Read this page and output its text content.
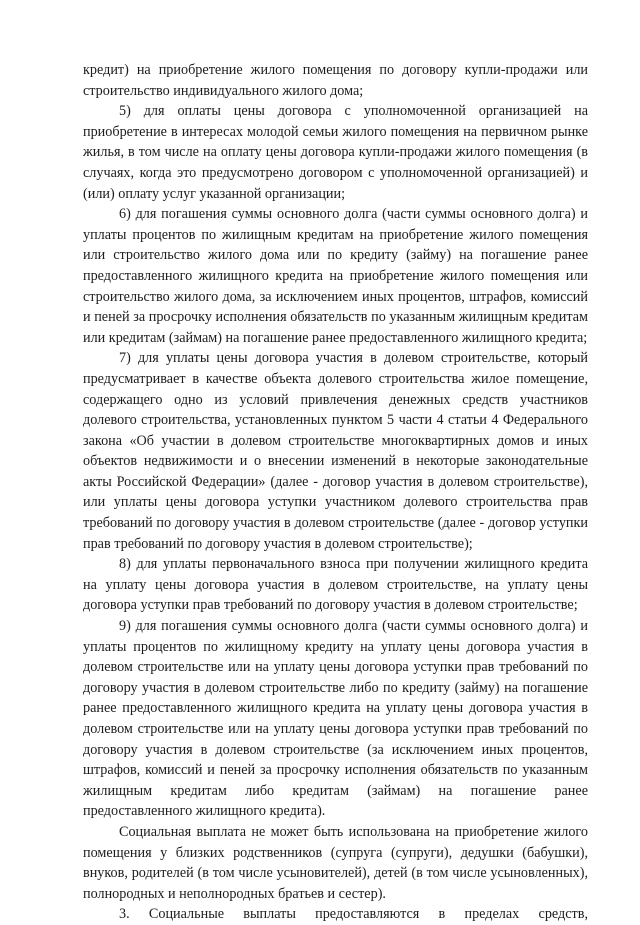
кредит) на приобретение жилого помещения по договору купли-продажи или строительство индивидуального жилого дома;

5) для оплаты цены договора с уполномоченной организацией на приобретение в интересах молодой семьи жилого помещения на первичном рынке жилья, в том числе на оплату цены договора купли-продажи жилого помещения (в случаях, когда это предусмотрено договором с уполномоченной организацией) и (или) оплату услуг указанной организации;

6) для погашения суммы основного долга (части суммы основного долга) и уплаты процентов по жилищным кредитам на приобретение жилого помещения или строительство жилого дома или по кредиту (займу) на погашение ранее предоставленного жилищного кредита на приобретение жилого помещения или строительство жилого дома, за исключением иных процентов, штрафов, комиссий и пеней за просрочку исполнения обязательств по указанным жилищным кредитам или кредитам (займам) на погашение ранее предоставленного жилищного кредита;

7) для уплаты цены договора участия в долевом строительстве, который предусматривает в качестве объекта долевого строительства жилое помещение, содержащего одно из условий привлечения денежных средств участников долевого строительства, установленных пунктом 5 части 4 статьи 4 Федерального закона «Об участии в долевом строительстве многоквартирных домов и иных объектов недвижимости и о внесении изменений в некоторые законодательные акты Российской Федерации» (далее - договор участия в долевом строительстве), или уплаты цены договора уступки участником долевого строительства прав требований по договору участия в долевом строительстве (далее - договор уступки прав требований по договору участия в долевом строительстве);

8) для уплаты первоначального взноса при получении жилищного кредита на уплату цены договора участия в долевом строительстве, на уплату цены договора уступки прав требований по договору участия в долевом строительстве;

9) для погашения суммы основного долга (части суммы основного долга) и уплаты процентов по жилищному кредиту на уплату цены договора участия в долевом строительстве или на уплату цены договора уступки прав требований по договору участия в долевом строительстве либо по кредиту (займу) на погашение ранее предоставленного жилищного кредита на уплату цены договора участия в долевом строительстве или на уплату цены договора уступки прав требований по договору участия в долевом строительстве (за исключением иных процентов, штрафов, комиссий и пеней за просрочку исполнения обязательств по указанным жилищным кредитам либо кредитам (займам) на погашение ранее предоставленного жилищного кредита).

Социальная выплата не может быть использована на приобретение жилого помещения у близких родственников (супруга (супруги), дедушки (бабушки), внуков, родителей (в том числе усыновителей), детей (в том числе усыновленных), полнородных и неполнородных братьев и сестер).

3. Социальные выплаты предоставляются в пределах средств,
